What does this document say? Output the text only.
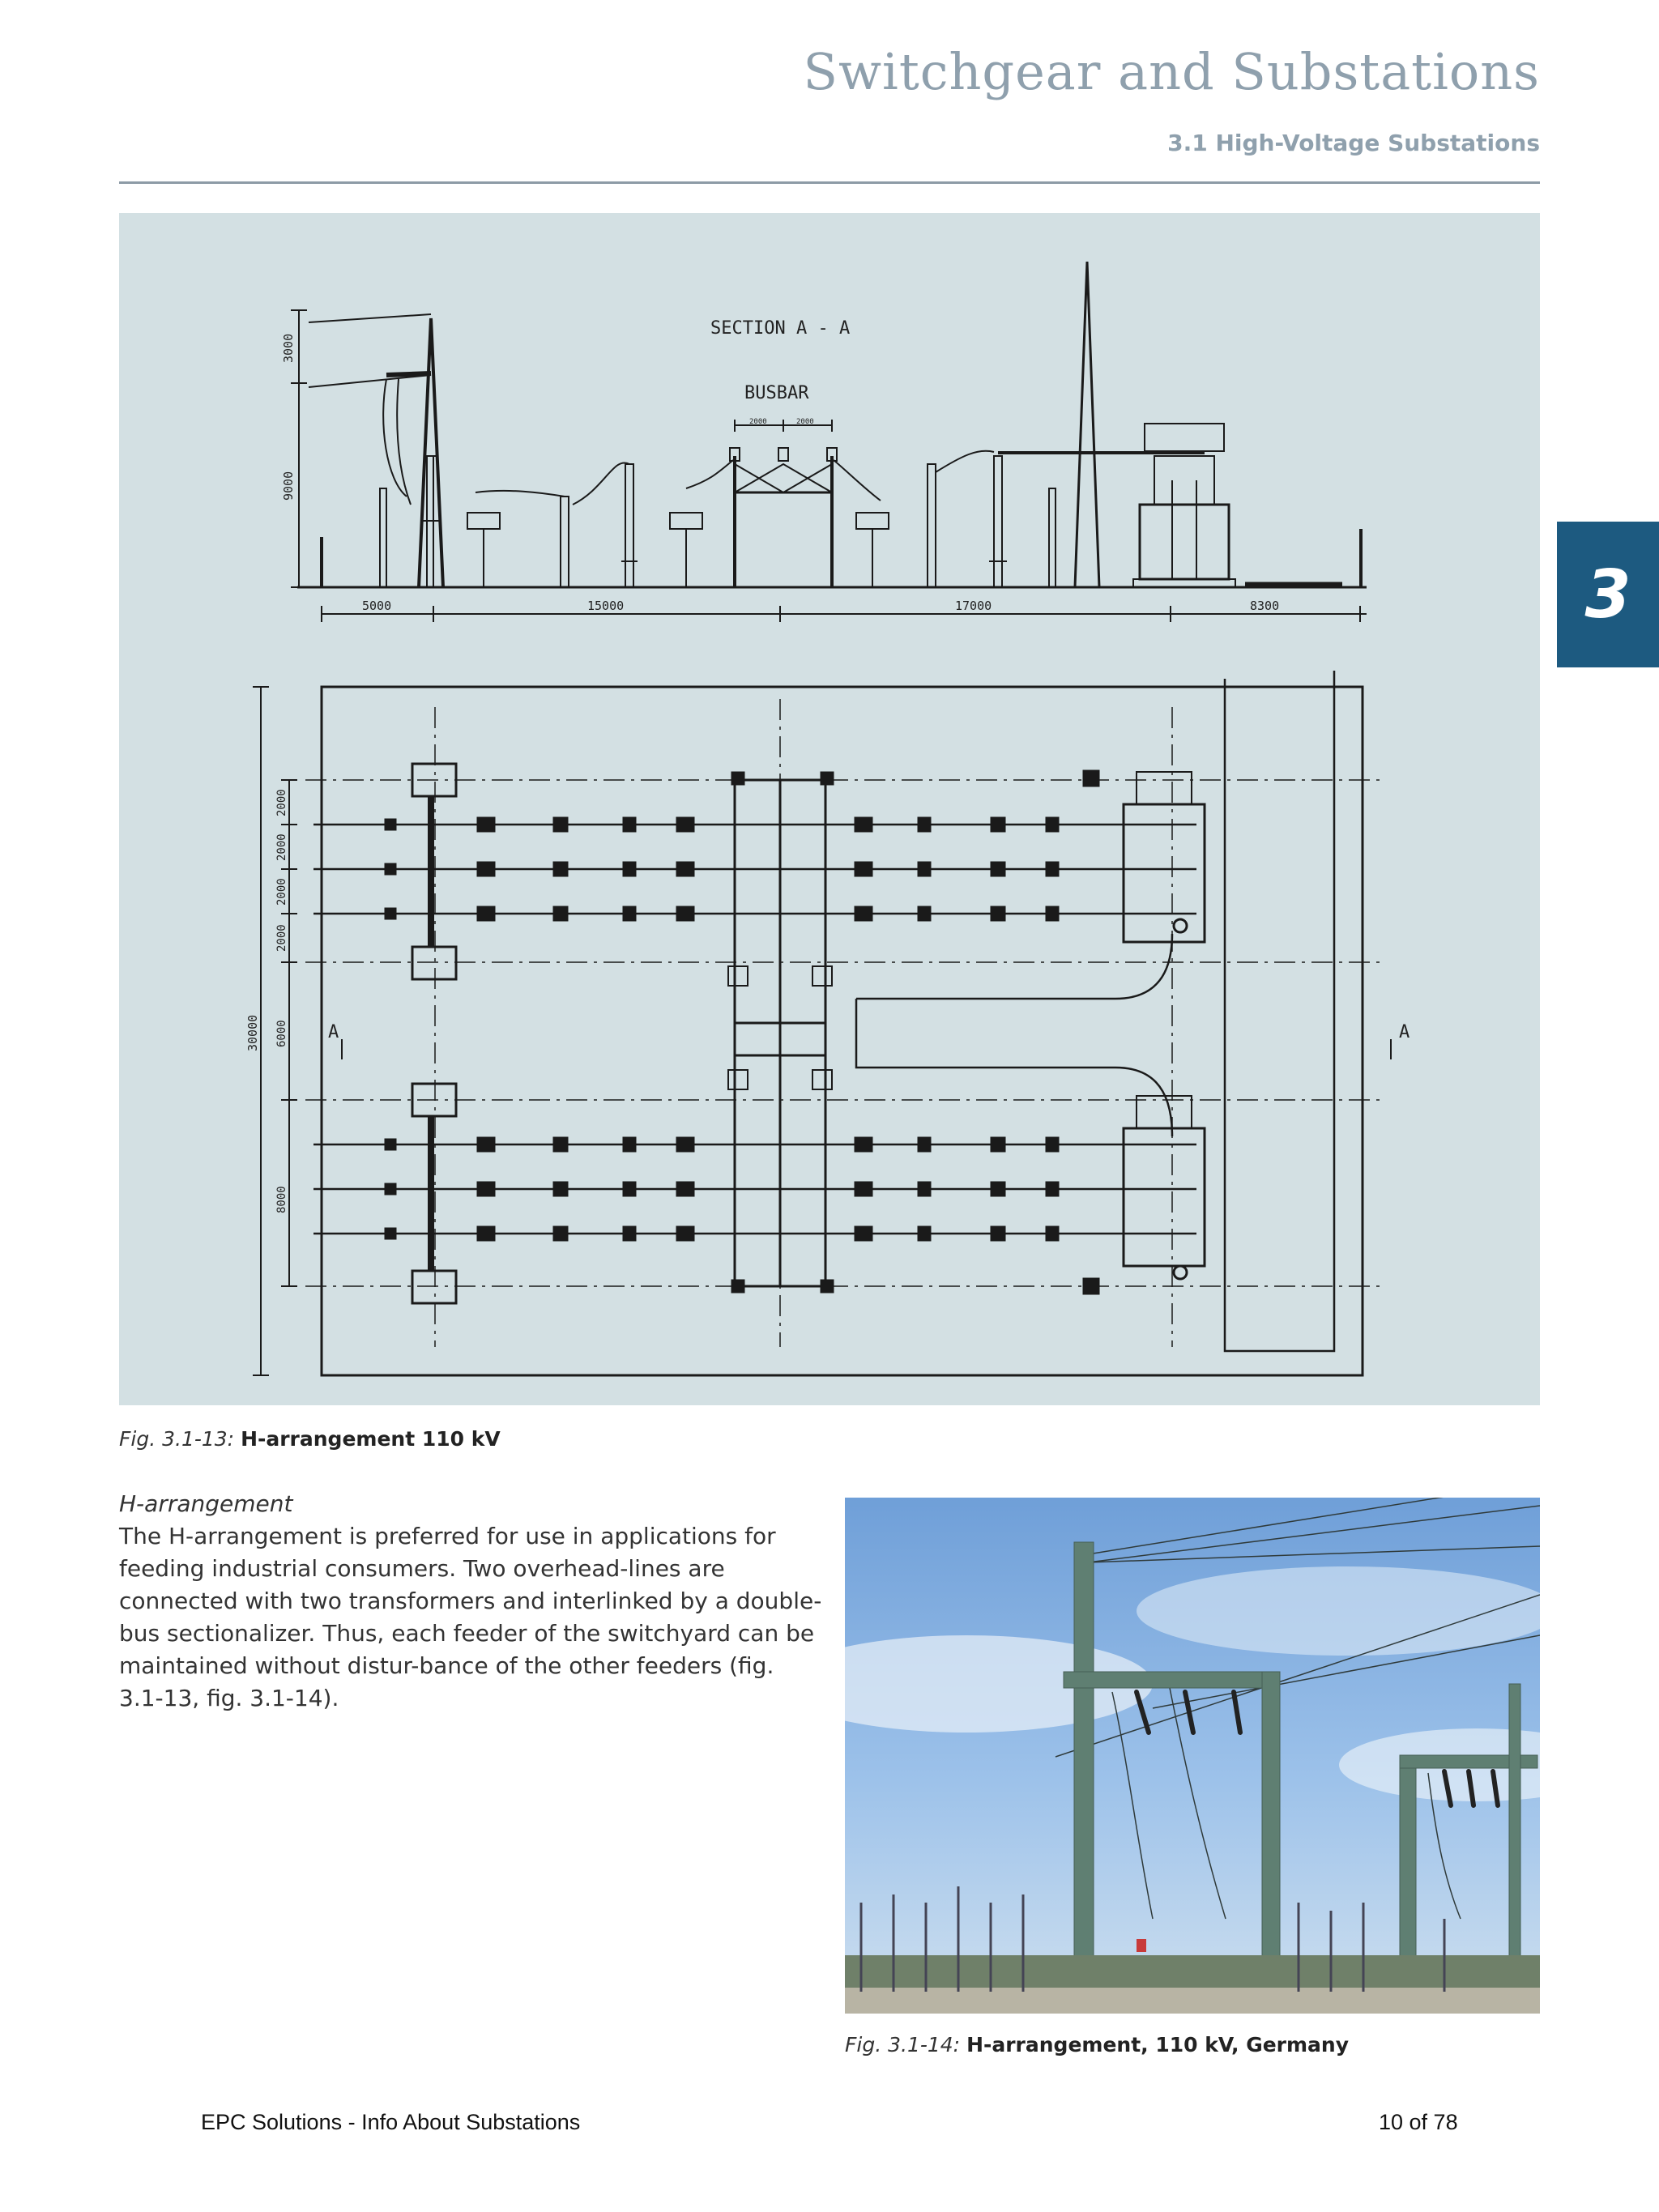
Switchgear and Substations
3.1 High-Voltage Substations
3
SECTION A - A
BUSBAR
2000	2000
3000
9000
5000	15000	17000	8300
30000
2000
2000
2000
2000
6000
8000
A	A
Fig. 3.1-13: H-arrangement 110 kV
H-arrangement

The H-arrangement is preferred for use in applications for feeding industrial consumers. Two overhead-lines are connected with two transformers and interlinked by a double-bus sectionalizer. Thus, each feeder of the switchyard can be maintained without distur-bance of the other feeders (fig. 3.1-13, fig. 3.1-14).

Fig. 3.1-14: H-arrangement, 110 kV, Germany
EPC Solutions - Info About Substations	10 of 78
